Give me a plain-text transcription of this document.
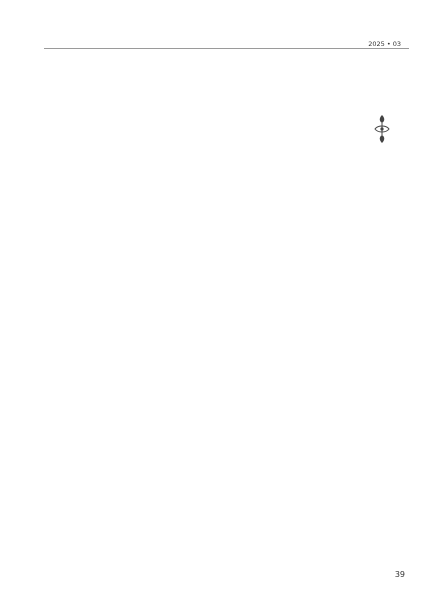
2025 • 03
39
